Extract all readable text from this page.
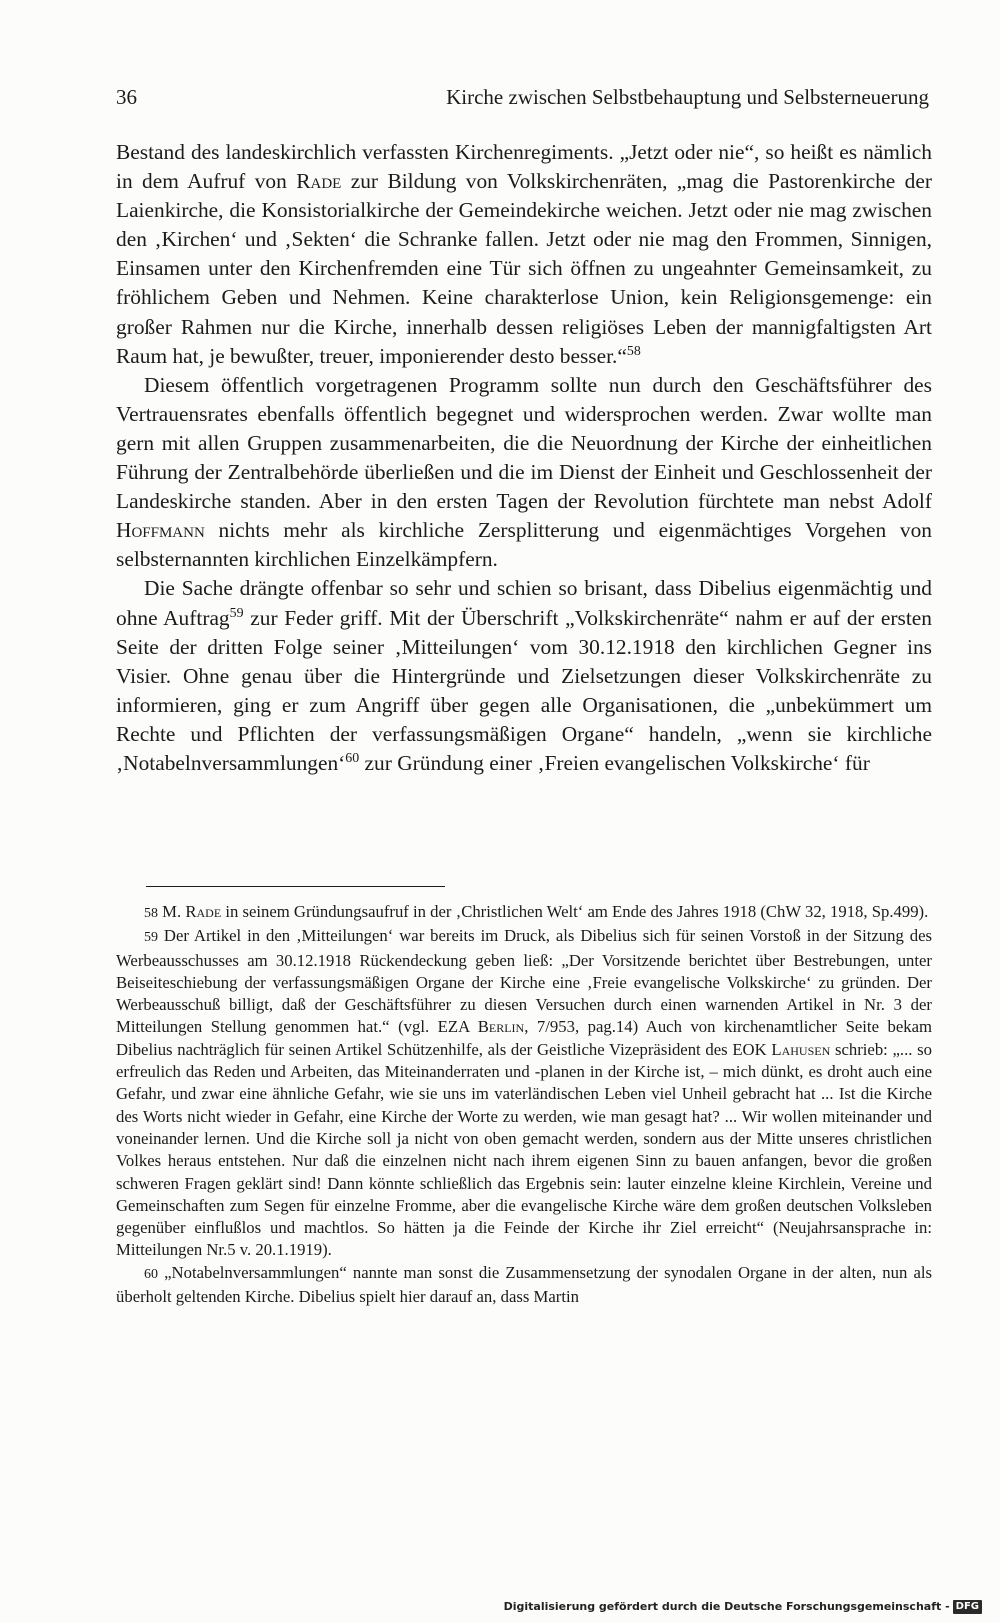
36	Kirche zwischen Selbstbehauptung und Selbsterneuerung

Bestand des landeskirchlich verfassten Kirchenregiments. „Jetzt oder nie“, so heißt es nämlich in dem Aufruf von Rade zur Bildung von Volkskirchenräten, „mag die Pastorenkirche der Laienkirche, die Konsistorialkirche der Gemeindekirche weichen. Jetzt oder nie mag zwischen den ‚Kirchen‘ und ‚Sekten‘ die Schranke fallen. Jetzt oder nie mag den Frommen, Sinnigen, Einsamen unter den Kirchenfremden eine Tür sich öffnen zu ungeahnter Gemeinsamkeit, zu fröhlichem Geben und Nehmen. Keine charakterlose Union, kein Religionsgemenge: ein großer Rahmen nur die Kirche, innerhalb dessen religiöses Leben der mannigfaltigsten Art Raum hat, je bewußter, treuer, imponierender desto besser.“$^{58}$

Diesem öffentlich vorgetragenen Programm sollte nun durch den Geschäftsführer des Vertrauensrates ebenfalls öffentlich begegnet und widersprochen werden. Zwar wollte man gern mit allen Gruppen zusammenarbeiten, die die Neuordnung der Kirche der einheitlichen Führung der Zentralbehörde überließen und die im Dienst der Einheit und Geschlossenheit der Landeskirche standen. Aber in den ersten Tagen der Revolution fürchtete man nebst Adolf Hoffmann nichts mehr als kirchliche Zersplitterung und eigenmächtiges Vorgehen von selbsternannten kirchlichen Einzelkämpfern.

Die Sache drängte offenbar so sehr und schien so brisant, dass Dibelius eigenmächtig und ohne Auftrag$^{59}$ zur Feder griff. Mit der Überschrift „Volkskirchenräte“ nahm er auf der ersten Seite der dritten Folge seiner ‚Mitteilungen‘ vom 30.12.1918 den kirchlichen Gegner ins Visier. Ohne genau über die Hintergründe und Zielsetzungen dieser Volkskirchenräte zu informieren, ging er zum Angriff über gegen alle Organisationen, die „unbekümmert um Rechte und Pflichten der verfassungsmäßigen Organe“ handeln, „wenn sie kirchliche ‚Notabelnversammlungen‘$^{60}$ zur Gründung einer ‚Freien evangelischen Volkskirche‘ für

58 M. Rade in seinem Gründungsaufruf in der ‚Christlichen Welt‘ am Ende des Jahres 1918 (ChW 32, 1918, Sp.499).

59 Der Artikel in den ‚Mitteilungen‘ war bereits im Druck, als Dibelius sich für seinen Vorstoß in der Sitzung des Werbeausschusses am 30.12.1918 Rückendeckung geben ließ: „Der Vorsitzende berichtet über Bestrebungen, unter Beiseiteschiebung der verfassungsmäßigen Organe der Kirche eine ‚Freie evangelische Volkskirche‘ zu gründen. Der Werbeausschuß billigt, daß der Geschäftsführer zu diesen Versuchen durch einen warnenden Artikel in Nr. 3 der Mitteilungen Stellung genommen hat.“ (vgl. EZA Berlin, 7/953, pag.14) Auch von kirchenamtlicher Seite bekam Dibelius nachträglich für seinen Artikel Schützenhilfe, als der Geistliche Vizepräsident des EOK Lahusen schrieb: „... so erfreulich das Reden und Arbeiten, das Miteinanderraten und -planen in der Kirche ist, – mich dünkt, es droht auch eine Gefahr, und zwar eine ähnliche Gefahr, wie sie uns im vaterländischen Leben viel Unheil gebracht hat ... Ist die Kirche des Worts nicht wieder in Gefahr, eine Kirche der Worte zu werden, wie man gesagt hat? ... Wir wollen miteinander und voneinander lernen. Und die Kirche soll ja nicht von oben gemacht werden, sondern aus der Mitte unseres christlichen Volkes heraus entstehen. Nur daß die einzelnen nicht nach ihrem eigenen Sinn zu bauen anfangen, bevor die großen schweren Fragen geklärt sind! Dann könnte schließlich das Ergebnis sein: lauter einzelne kleine Kirchlein, Vereine und Gemeinschaften zum Segen für einzelne Fromme, aber die evangelische Kirche wäre dem großen deutschen Volksleben gegenüber einflußlos und machtlos. So hätten ja die Feinde der Kirche ihr Ziel erreicht“ (Neujahrsansprache in: Mitteilungen Nr.5 v. 20.1.1919).

60 „Notabelnversammlungen“ nannte man sonst die Zusammensetzung der synodalen Organe in der alten, nun als überholt geltenden Kirche. Dibelius spielt hier darauf an, dass Martin

Digitalisierung gefördert durch die Deutsche Forschungsgemeinschaft - DFG
